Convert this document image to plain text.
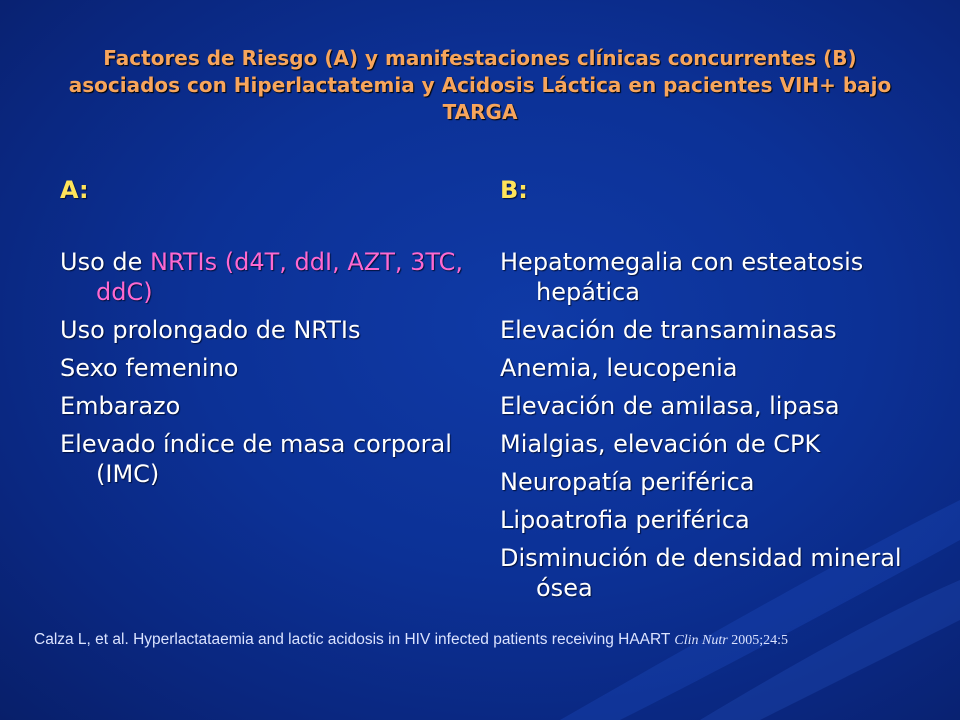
Factores de Riesgo (A) y manifestaciones clínicas concurrentes (B) asociados con Hiperlactatemia y Acidosis Láctica en pacientes VIH+ bajo TARGA
A:
Uso de NRTIs (d4T, ddI, AZT, 3TC, ddC)
Uso prolongado de NRTIs
Sexo femenino
Embarazo
Elevado índice de masa corporal (IMC)
B:
Hepatomegalia con esteatosis hepática
Elevación de transaminasas
Anemia, leucopenia
Elevación de amilasa, lipasa
Mialgias, elevación de CPK
Neuropatía periférica
Lipoatrofia periférica
Disminución de densidad mineral ósea
Calza L, et al. Hyperlactataemia and lactic acidosis in HIV infected patients receiving HAART Clin Nutr 2005;24:5
